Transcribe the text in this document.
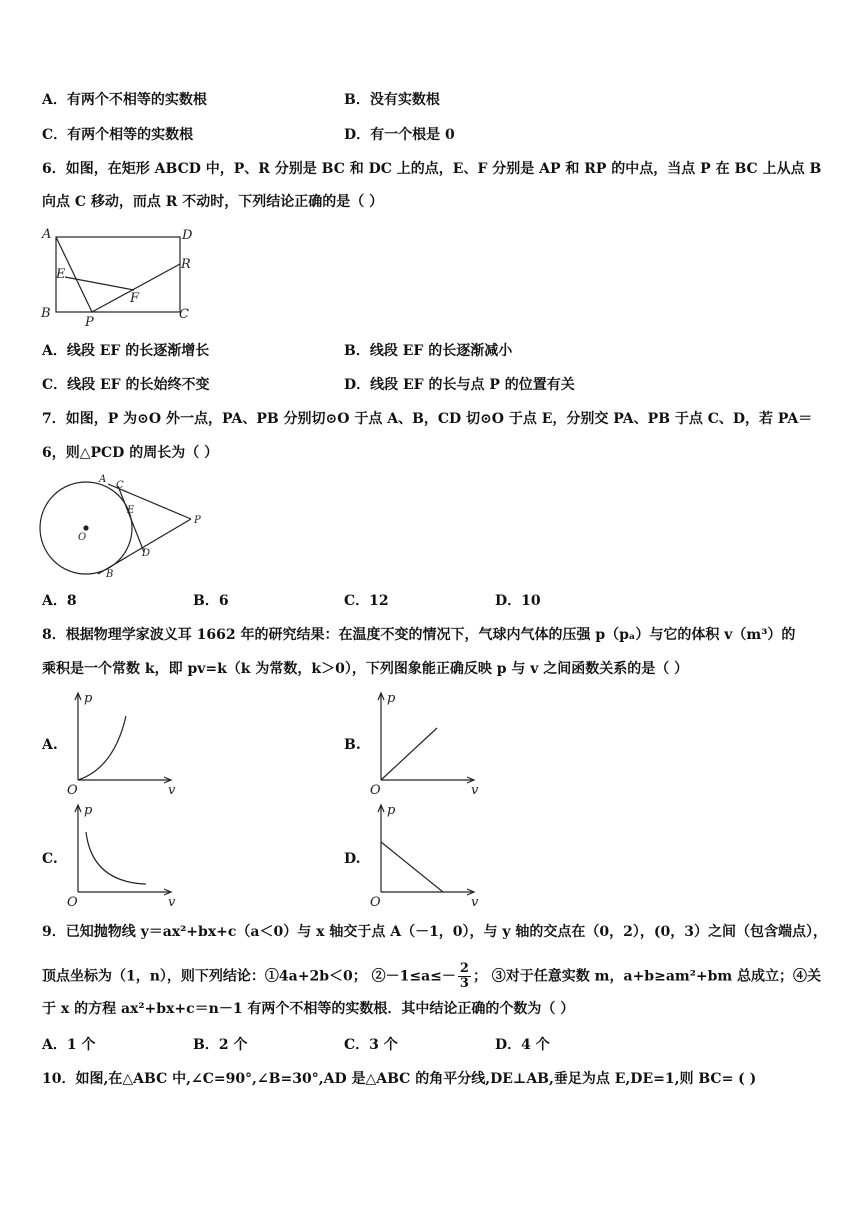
A．有两个不相等的实数根	B．没有实数根
C．有两个相等的实数根	D．有一个根是 0
6．如图，在矩形 ABCD 中，P、R 分别是 BC 和 DC 上的点，E、F 分别是 AP 和 RP 的中点，当点 P 在 BC 上从点 B
向点 C 移动，而点 R 不动时，下列结论正确的是（ ）
A	D
E
R
F
B
P
C
A．线段 EF 的长逐渐增长	B．线段 EF 的长逐渐减小
C．线段 EF 的长始终不变	D．线段 EF 的长与点 P 的位置有关
7．如图，P 为⊙O 外一点，PA、PB 分别切⊙O 于点 A、B，CD 切⊙O 于点 E，分别交 PA、PB 于点 C、D，若 PA＝
6，则△PCD 的周长为（ ）
A
C
E
P
O
D
B
A．8	B．6	C．12	D．10
8．根据物理学家波义耳 1662 年的研究结果：在温度不变的情况下，气球内气体的压强 p（pₐ）与它的体积 v（m³）的
乘积是一个常数 k，即 pv=k（k 为常数，k＞0），下列图象能正确反映 p 与 v 之间函数关系的是（ ）
A.
p
v
O
B.
p
v
O
C.
p
v
O
D.
p
v
O
9．已知抛物线 y＝ax²+bx+c（a＜0）与 x 轴交于点 A（－1，0），与 y 轴的交点在（0，2），(0，3）之间（包含端点），
顶点坐标为（1，n），则下列结论：①4a+2b＜0； ②－1≤a≤－ $\frac{2}{3}$ ； ③对于任意实数 m，a+b≥am²+bm 总成立；④关
于 x 的方程 ax²+bx+c＝n－1 有两个不相等的实数根．其中结论正确的个数为（ ）
A．1 个	B．2 个	C．3 个	D．4 个
10．如图,在△ABC 中,∠C=90°,∠B=30°,AD 是△ABC 的角平分线,DE⊥AB,垂足为点 E,DE=1,则 BC= ( )
